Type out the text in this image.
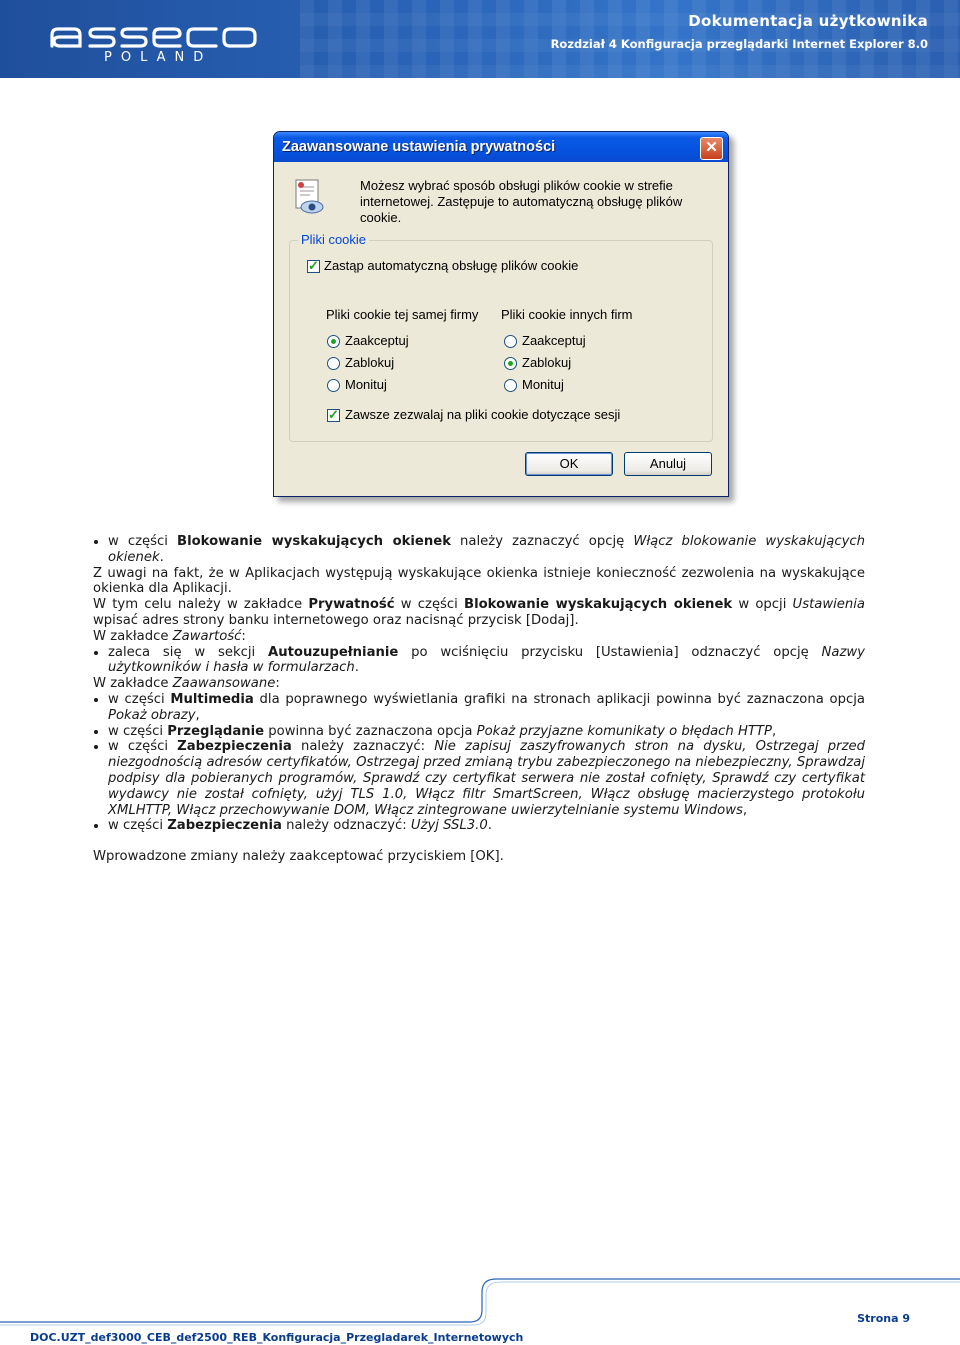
POLAND
Dokumentacja użytkownika
Rozdział 4 Konfiguracja przeglądarki Internet Explorer 8.0
Zaawansowane ustawienia prywatności	✕
Możesz wybrać sposób obsługi plików cookie w strefie internetowej. Zastępuje to automatyczną obsługę plików cookie.
Pliki cookie
✓
Zastąp automatyczną obsługę plików cookie
Pliki cookie tej samej firmy Pliki cookie innych firm
Zaakceptuj
Zablokuj
Monituj
Zaakceptuj
Zablokuj
Monituj
✓
Zawsze zezwalaj na pliki cookie dotyczące sesji
OK	Anuluj
• w części Blokowanie wyskakujących okienek należy zaznaczyć opcję Włącz blokowanie wyskakujących okienek.

Z uwagi na fakt, że w Aplikacjach występują wyskakujące okienka istnieje konieczność zezwolenia na wyskakujące okienka dla Aplikacji.

W tym celu należy w zakładce Prywatność w części Blokowanie wyskakujących okienek w opcji Ustawienia wpisać adres strony banku internetowego oraz nacisnąć przycisk [Dodaj].

W zakładce Zawartość:

• zaleca się w sekcji Autouzupełnianie po wciśnięciu przycisku [Ustawienia] odznaczyć opcję Nazwy użytkowników i hasła w formularzach.

W zakładce Zaawansowane:

• w części Multimedia dla poprawnego wyświetlania grafiki na stronach aplikacji powinna być zaznaczona opcja Pokaż obrazy,
• w części Przeglądanie powinna być zaznaczona opcja Pokaż przyjazne komunikaty o błędach HTTP,
• w części Zabezpieczenia należy zaznaczyć: Nie zapisuj zaszyfrowanych stron na dysku, Ostrzegaj przed niezgodnością adresów certyfikatów, Ostrzegaj przed zmianą trybu zabezpieczonego na niebezpieczny, Sprawdzaj podpisy dla pobieranych programów, Sprawdź czy certyfikat serwera nie został cofnięty, Sprawdź czy certyfikat wydawcy nie został cofnięty, użyj TLS 1.0, Włącz filtr SmartScreen, Włącz obsługę macierzystego protokołu XMLHTTP, Włącz przechowywanie DOM, Włącz zintegrowane uwierzytelnianie systemu Windows,
• w części Zabezpieczenia należy odznaczyć: Użyj SSL3.0.

Wprowadzone zmiany należy zaakceptować przyciskiem [OK].

Strona 9
DOC.UZT_def3000_CEB_def2500_REB_Konfiguracja_Przegladarek_Internetowych
